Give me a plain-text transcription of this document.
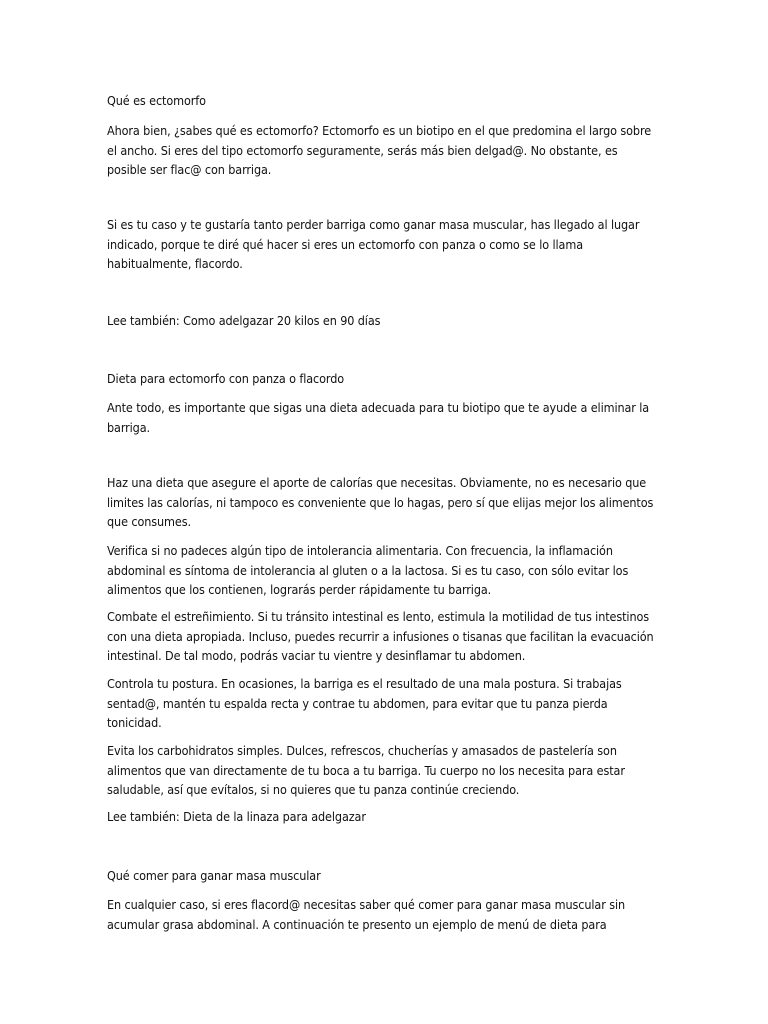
Qué es ectomorfo

Ahora bien, ¿sabes qué es ectomorfo? Ectomorfo es un biotipo en el que predomina el largo sobre

el ancho. Si eres del tipo ectomorfo seguramente, serás más bien delgad@. No obstante, es

posible ser flac@ con barriga.

Si es tu caso y te gustaría tanto perder barriga como ganar masa muscular, has llegado al lugar

indicado, porque te diré qué hacer si eres un ectomorfo con panza o como se lo llama

habitualmente, flacordo.

Lee también: Como adelgazar 20 kilos en 90 días

Dieta para ectomorfo con panza o flacordo

Ante todo, es importante que sigas una dieta adecuada para tu biotipo que te ayude a eliminar la

barriga.

Haz una dieta que asegure el aporte de calorías que necesitas. Obviamente, no es necesario que

limites las calorías, ni tampoco es conveniente que lo hagas, pero sí que elijas mejor los alimentos

que consumes.

Verifica si no padeces algún tipo de intolerancia alimentaria. Con frecuencia, la inflamación

abdominal es síntoma de intolerancia al gluten o a la lactosa. Si es tu caso, con sólo evitar los

alimentos que los contienen, lograrás perder rápidamente tu barriga.

Combate el estreñimiento. Si tu tránsito intestinal es lento, estimula la motilidad de tus intestinos

con una dieta apropiada. Incluso, puedes recurrir a infusiones o tisanas que facilitan la evacuación

intestinal. De tal modo, podrás vaciar tu vientre y desinflamar tu abdomen.

Controla tu postura. En ocasiones, la barriga es el resultado de una mala postura. Si trabajas

sentad@, mantén tu espalda recta y contrae tu abdomen, para evitar que tu panza pierda

tonicidad.

Evita los carbohidratos simples. Dulces, refrescos, chucherías y amasados de pastelería son

alimentos que van directamente de tu boca a tu barriga. Tu cuerpo no los necesita para estar

saludable, así que evítalos, si no quieres que tu panza continúe creciendo.

Lee también: Dieta de la linaza para adelgazar

Qué comer para ganar masa muscular

En cualquier caso, si eres flacord@ necesitas saber qué comer para ganar masa muscular sin

acumular grasa abdominal. A continuación te presento un ejemplo de menú de dieta para
